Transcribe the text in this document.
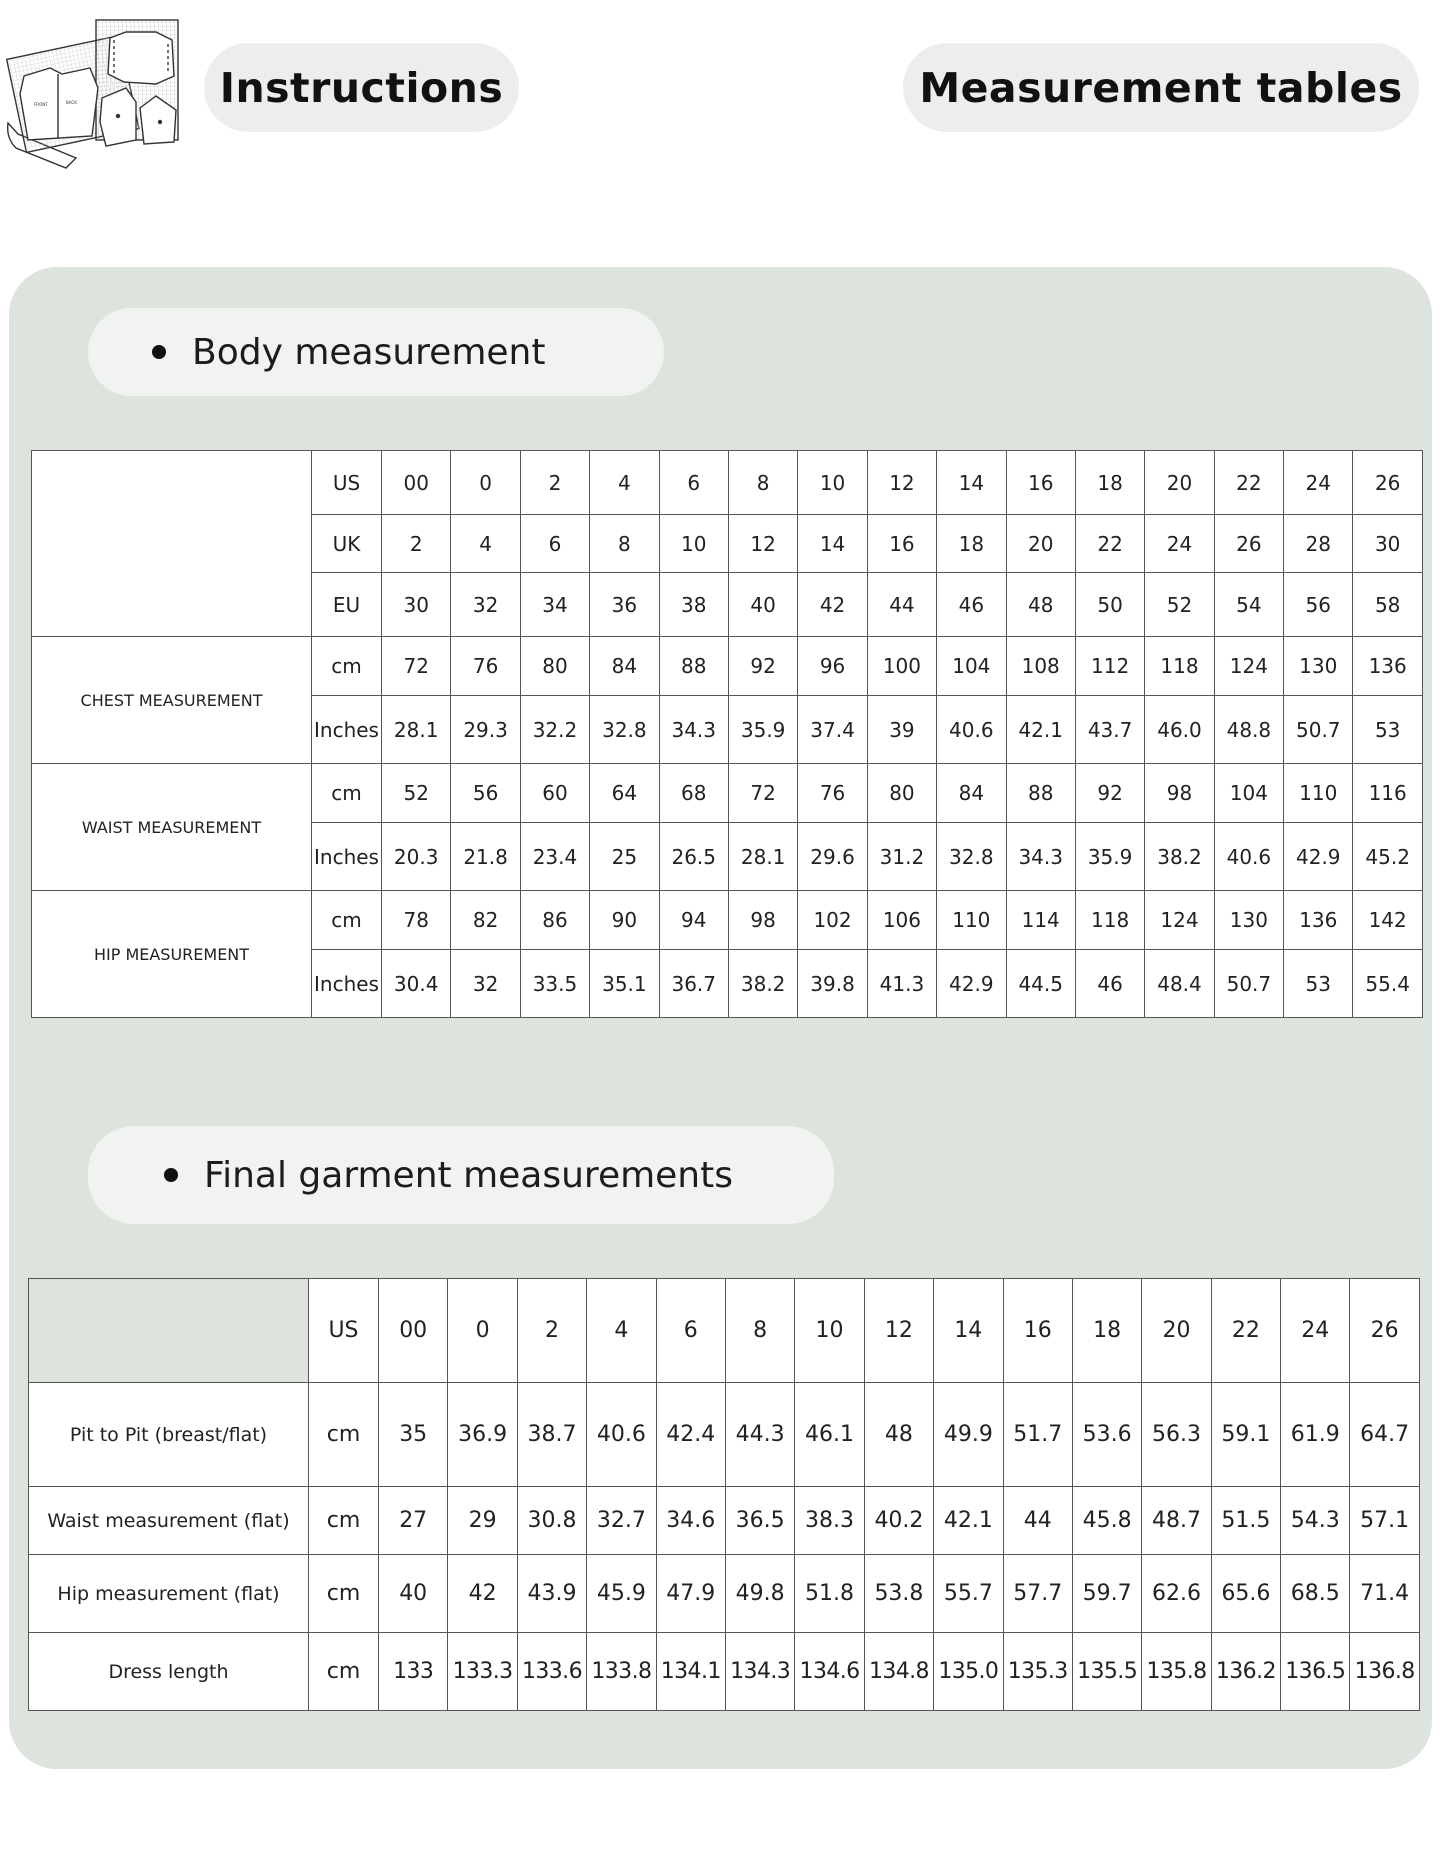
FRONT	BACK	Instructions	Measurement tables
Body measurement
	US	00	0	2	4	6	8	10	12	14	16	18	20	22	24	26
	UK	2	4	6	8	10	12	14	16	18	20	22	24	26	28	30
	EU	30	32	34	36	38	40	42	44	46	48	50	52	54	56	58
CHEST MEASUREMENT	cm	72	76	80	84	88	92	96	100	104	108	112	118	124	130	136
	Inches	28.1	29.3	32.2	32.8	34.3	35.9	37.4	39	40.6	42.1	43.7	46.0	48.8	50.7	53
WAIST MEASUREMENT	cm	52	56	60	64	68	72	76	80	84	88	92	98	104	110	116
	Inches	20.3	21.8	23.4	25	26.5	28.1	29.6	31.2	32.8	34.3	35.9	38.2	40.6	42.9	45.2
HIP MEASUREMENT	cm	78	82	86	90	94	98	102	106	110	114	118	124	130	136	142
	Inches	30.4	32	33.5	35.1	36.7	38.2	39.8	41.3	42.9	44.5	46	48.4	50.7	53	55.4
Final garment measurements
	US	00	0	2	4	6	8	10	12	14	16	18	20	22	24	26
Pit to Pit (breast/flat)	cm	35	36.9	38.7	40.6	42.4	44.3	46.1	48	49.9	51.7	53.6	56.3	59.1	61.9	64.7
Waist measurement (flat)	cm	27	29	30.8	32.7	34.6	36.5	38.3	40.2	42.1	44	45.8	48.7	51.5	54.3	57.1
Hip measurement (flat)	cm	40	42	43.9	45.9	47.9	49.8	51.8	53.8	55.7	57.7	59.7	62.6	65.6	68.5	71.4
Dress length	cm	133	133.3	133.6	133.8	134.1	134.3	134.6	134.8	135.0	135.3	135.5	135.8	136.2	136.5	136.8
